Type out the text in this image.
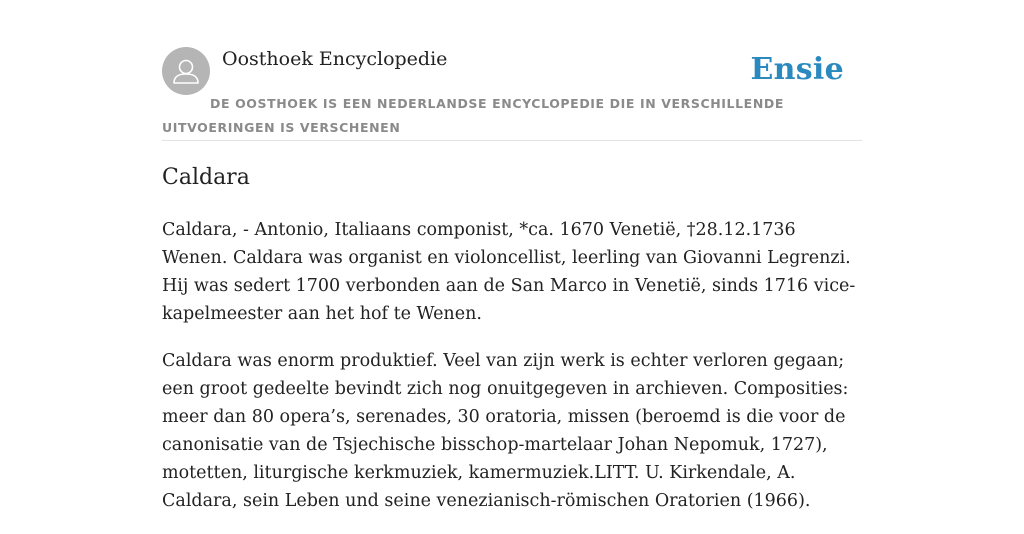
Oosthoek Encyclopedie	Ensie
DE OOSTHOEK IS EEN NEDERLANDSE ENCYCLOPEDIE DIE IN VERSCHILLENDE UITVOERINGEN IS VERSCHENEN
Caldara

Caldara, - Antonio, Italiaans componist, *ca. 1670 Venetië, †28.12.1736 Wenen. Caldara was organist en violoncellist, leerling van Giovanni Legrenzi. Hij was sedert 1700 verbonden aan de San Marco in Venetië, sinds 1716 vice-kapelmeester aan het hof te Wenen.

Caldara was enorm produktief. Veel van zijn werk is echter verloren gegaan; een groot gedeelte bevindt zich nog onuitgegeven in archieven. Composities: meer dan 80 opera’s, serenades, 30 oratoria, missen (beroemd is die voor de canonisatie van de Tsjechische bisschop-martelaar Johan Nepomuk, 1727), motetten, liturgische kerkmuziek, kamermuziek.LITT. U. Kirkendale, A. Caldara, sein Leben und seine venezianisch-römischen Oratorien (1966).
